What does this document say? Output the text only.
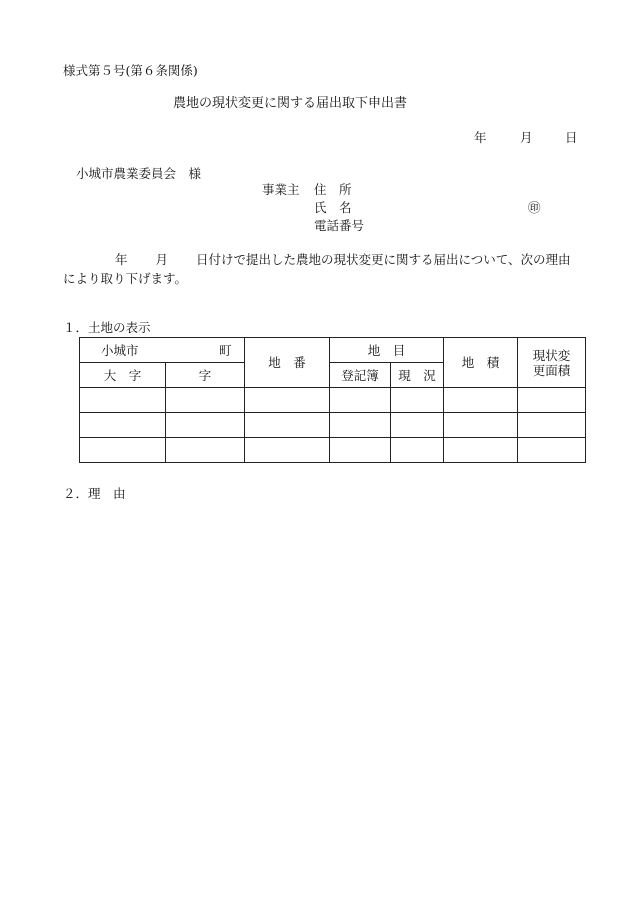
様式第５号(第６条関係)
農地の現状変更に関する届出取下申出書
年	月	日
小城市農業委員会　様
事業主 住　所
氏　名	㊞
電話番号
年 月 日付けで提出した農地の現状変更に関する届出について、次の理由により取り下げます。
１．土地の表示
小城市 町		地　番	地　目		地　積	現状変
更面積

大　字	字		登記簿	現　況		

２．理　由
